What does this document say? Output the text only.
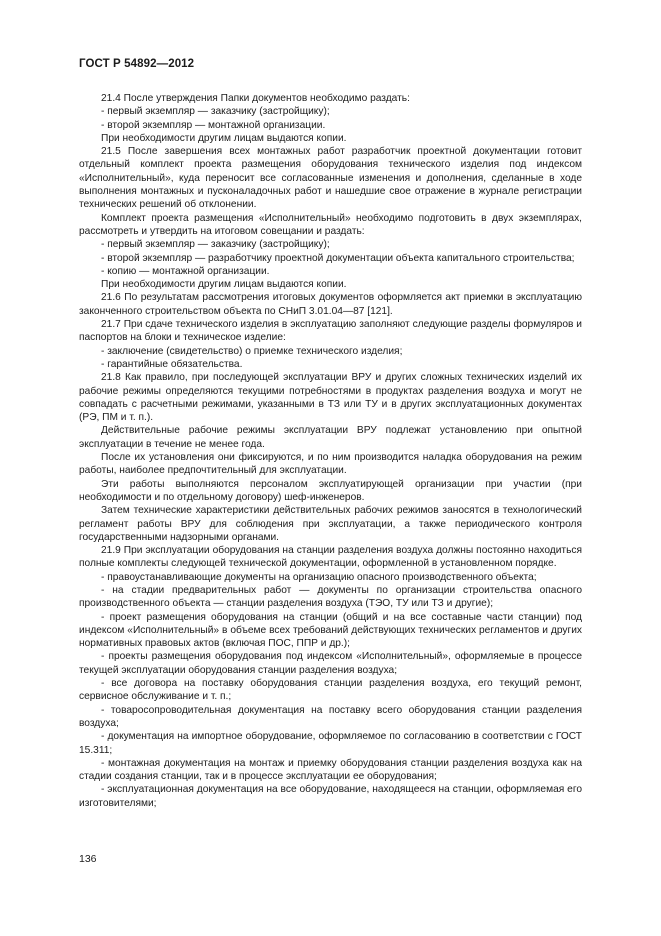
ГОСТ Р 54892—2012

21.4 После утверждения Папки документов необходимо раздать:

- первый экземпляр — заказчику (застройщику);

- второй экземпляр — монтажной организации.

При необходимости другим лицам выдаются копии.

21.5 После завершения всех монтажных работ разработчик проектной документации готовит отдельный комплект проекта размещения оборудования технического изделия под индексом «Исполнительный», куда переносит все согласованные изменения и дополнения, сделанные в ходе выполнения монтажных и пусконаладочных работ и нашедшие свое отражение в журнале регистрации технических решений об отклонении.

Комплект проекта размещения «Исполнительный» необходимо подготовить в двух экземплярах, рассмотреть и утвердить на итоговом совещании и раздать:

- первый экземпляр — заказчику (застройщику);

- второй экземпляр — разработчику проектной документации объекта капитального строительства;

- копию — монтажной организации.

При необходимости другим лицам выдаются копии.

21.6 По результатам рассмотрения итоговых документов оформляется акт приемки в эксплуатацию законченного строительством объекта по СНиП 3.01.04—87 [121].

21.7 При сдаче технического изделия в эксплуатацию заполняют следующие разделы формуляров и паспортов на блоки и техническое изделие:

- заключение (свидетельство) о приемке технического изделия;

- гарантийные обязательства.

21.8 Как правило, при последующей эксплуатации ВРУ и других сложных технических изделий их рабочие режимы определяются текущими потребностями в продуктах разделения воздуха и могут не совпадать с расчетными режимами, указанными в ТЗ или ТУ и в других эксплуатационных документах (РЭ, ПМ и т. п.).

Действительные рабочие режимы эксплуатации ВРУ подлежат установлению при опытной эксплуатации в течение не менее года.

После их установления они фиксируются, и по ним производится наладка оборудования на режим работы, наиболее предпочтительный для эксплуатации.

Эти работы выполняются персоналом эксплуатирующей организации при участии (при необходимости и по отдельному договору) шеф-инженеров.

Затем технические характеристики действительных рабочих режимов заносятся в технологический регламент работы ВРУ для соблюдения при эксплуатации, а также периодического контроля государственными надзорными органами.

21.9 При эксплуатации оборудования на станции разделения воздуха должны постоянно находиться полные комплекты следующей технической документации, оформленной в установленном порядке.

- правоустанавливающие документы на организацию опасного производственного объекта;

- на стадии предварительных работ — документы по организации строительства опасного производственного объекта — станции разделения воздуха (ТЭО, ТУ или ТЗ и другие);

- проект размещения оборудования на станции (общий и на все составные части станции) под индексом «Исполнительный» в объеме всех требований действующих технических регламентов и других нормативных правовых актов (включая ПОС, ППР и др.);

- проекты размещения оборудования под индексом «Исполнительный», оформляемые в процессе текущей эксплуатации оборудования станции разделения воздуха;

- все договора на поставку оборудования станции разделения воздуха, его текущий ремонт, сервисное обслуживание и т. п.;

- товаросопроводительная документация на поставку всего оборудования станции разделения воздуха;

- документация на импортное оборудование, оформляемое по согласованию в соответствии с ГОСТ 15.311;

- монтажная документация на монтаж и приемку оборудования станции разделения воздуха как на стадии создания станции, так и в процессе эксплуатации ее оборудования;

- эксплуатационная документация на все оборудование, находящееся на станции, оформляемая его изготовителями;

136
